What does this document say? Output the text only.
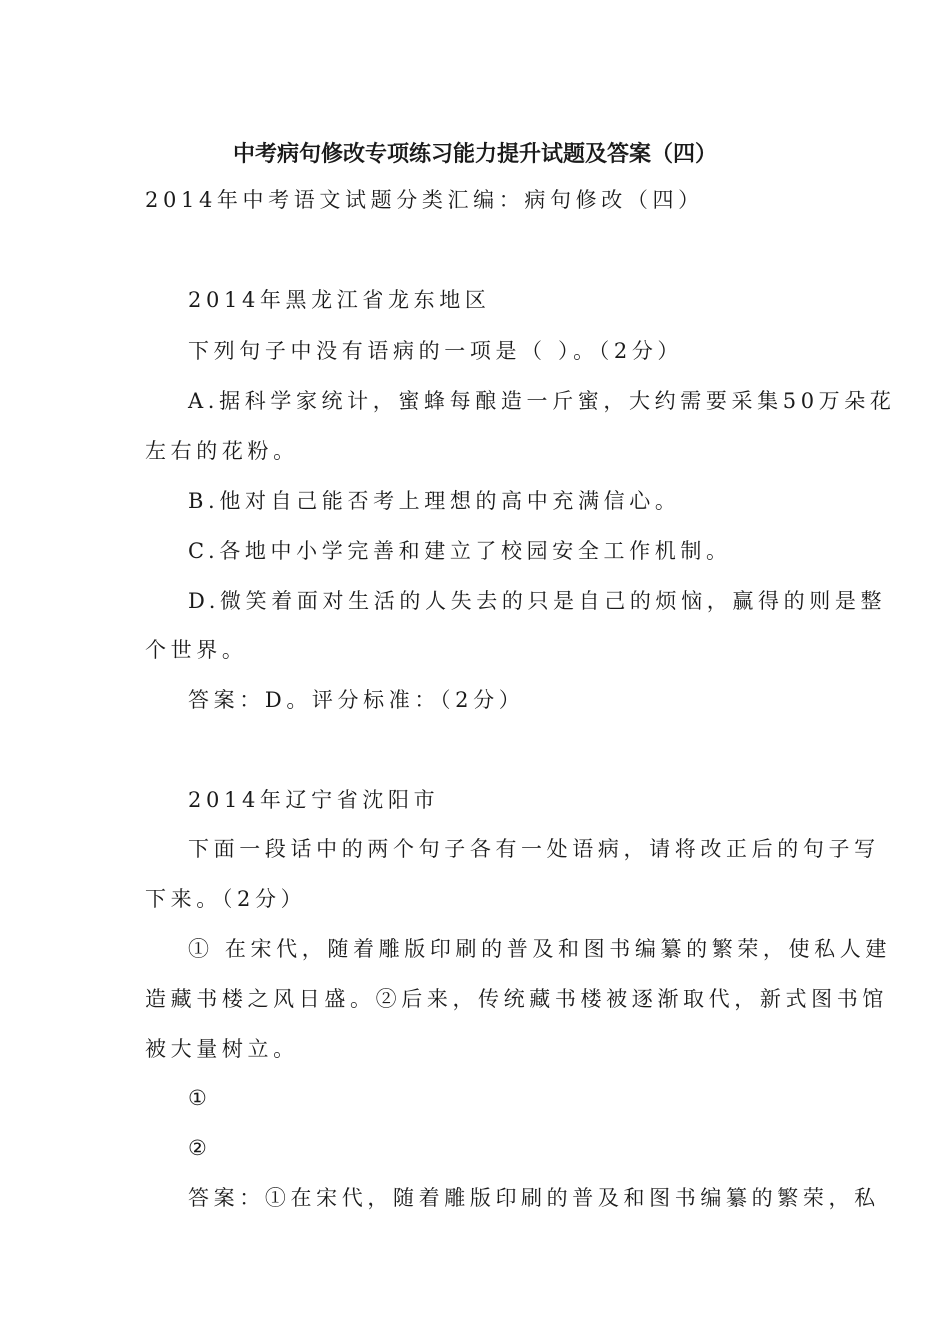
中考病句修改专项练习能力提升试题及答案（四）
2014年中考语文试题分类汇编：病句修改（四）
2014年黑龙江省龙东地区
下列句子中没有语病的一项是（ ）。（2分）
A.据科学家统计，蜜蜂每酿造一斤蜜，大约需要采集50万朵花
左右的花粉。
B.他对自己能否考上理想的高中充满信心。
C.各地中小学完善和建立了校园安全工作机制。
D.微笑着面对生活的人失去的只是自己的烦恼，赢得的则是整
个世界。
答案：D。评分标准：（2分）
2014年辽宁省沈阳市
下面一段话中的两个句子各有一处语病，请将改正后的句子写
下来。（2分）
① 在宋代，随着雕版印刷的普及和图书编纂的繁荣，使私人建
造藏书楼之风日盛。②后来，传统藏书楼被逐渐取代，新式图书馆
被大量树立。
①
②
答案：①在宋代，随着雕版印刷的普及和图书编纂的繁荣，私
